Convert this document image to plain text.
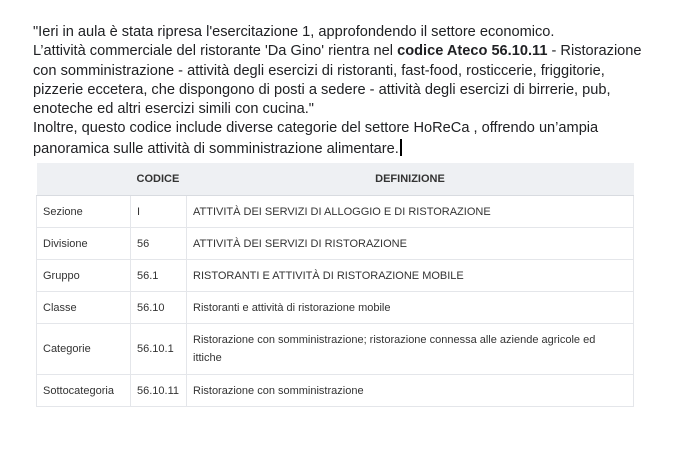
"Ieri in aula è stata ripresa l'esercitazione 1, approfondendo il settore economico.
L’attività commerciale del ristorante 'Da Gino' rientra nel codice Ateco 56.10.11 - Ristorazione con somministrazione - attività degli esercizi di ristoranti, fast-food, rosticcerie, friggitorie, pizzerie eccetera, che dispongono di posti a sedere - attività degli esercizi di birrerie, pub, enoteche ed altri esercizi simili con cucina."
Inoltre, questo codice include diverse categorie del settore HoReCa , offrendo un’ampia panoramica sulle attività di somministrazione alimentare.

	CODICE	DEFINIZIONE
Sezione	I	ATTIVITÀ DEI SERVIZI DI ALLOGGIO E DI RISTORAZIONE
Divisione	56	ATTIVITÀ DEI SERVIZI DI RISTORAZIONE
Gruppo	56.1	RISTORANTI E ATTIVITÀ DI RISTORAZIONE MOBILE
Classe	56.10	Ristoranti e attività di ristorazione mobile
Categorie	56.10.1	Ristorazione con somministrazione; ristorazione connessa alle aziende agricole ed ittiche
Sottocategoria	56.10.11	Ristorazione con somministrazione
